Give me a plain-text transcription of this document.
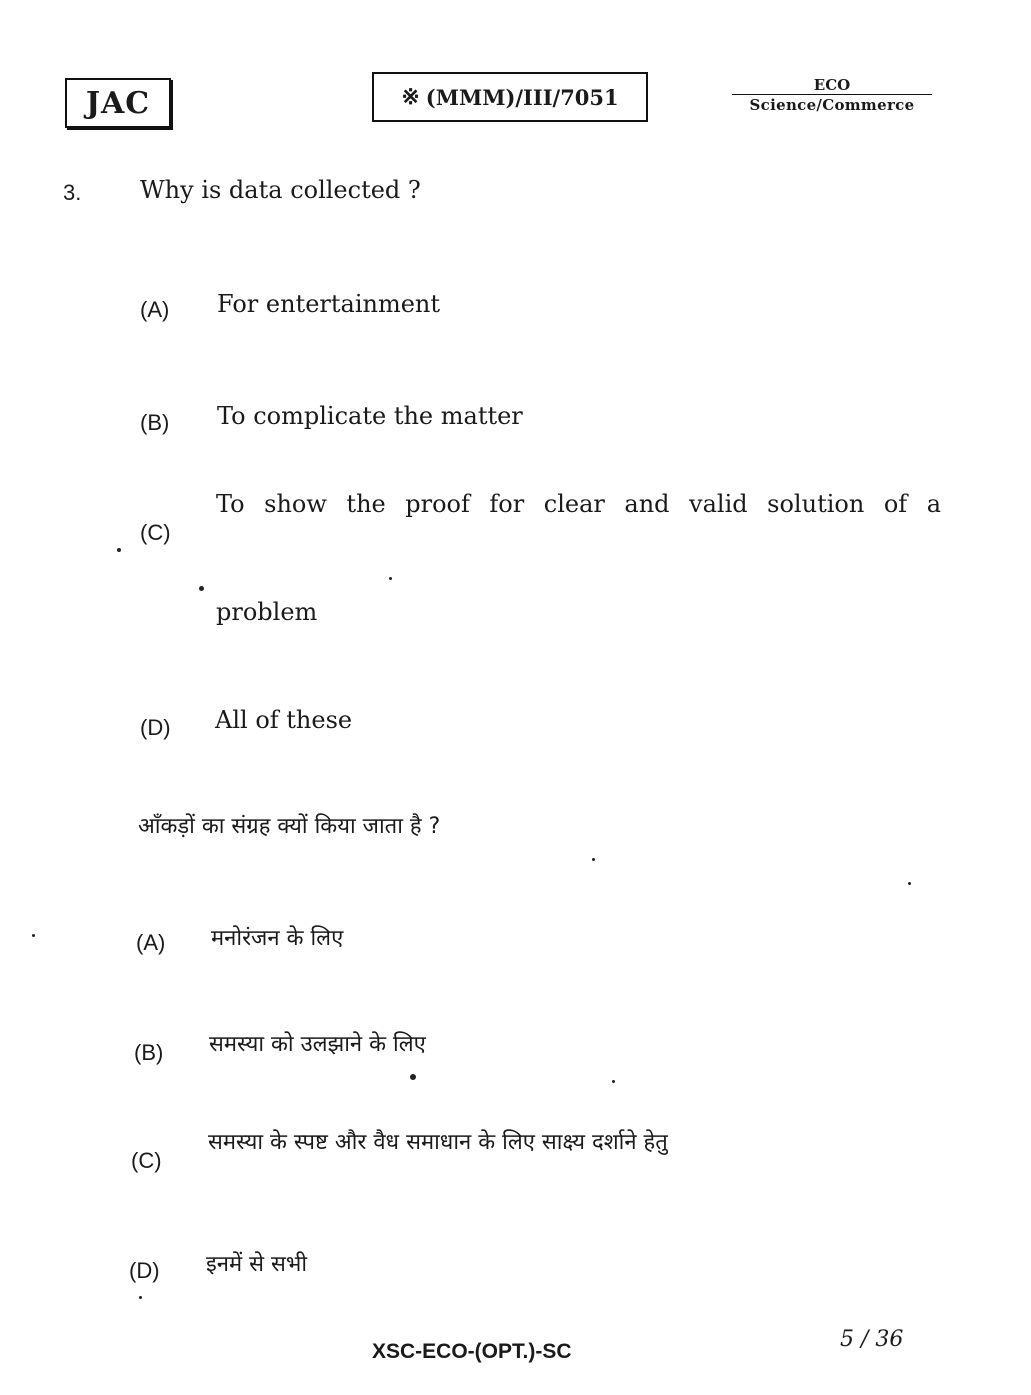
JAC	※ (MMM)/III/7051	ECO
Science/Commerce
3. Why is data collected ?
(A) For entertainment
(B) To complicate the matter
(C)
To show the proof for clear and valid solution of a
problem
(D) All of these
आँकड़ों का संग्रह क्यों किया जाता है ?
(A) मनोरंजन के लिए
(B) समस्या को उलझाने के लिए
(C)
समस्या के स्पष्ट और वैध समाधान के लिए साक्ष्य दर्शाने हेतु
(D) इनमें से सभी
XSC-ECO-(OPT.)-SC	5 / 36
